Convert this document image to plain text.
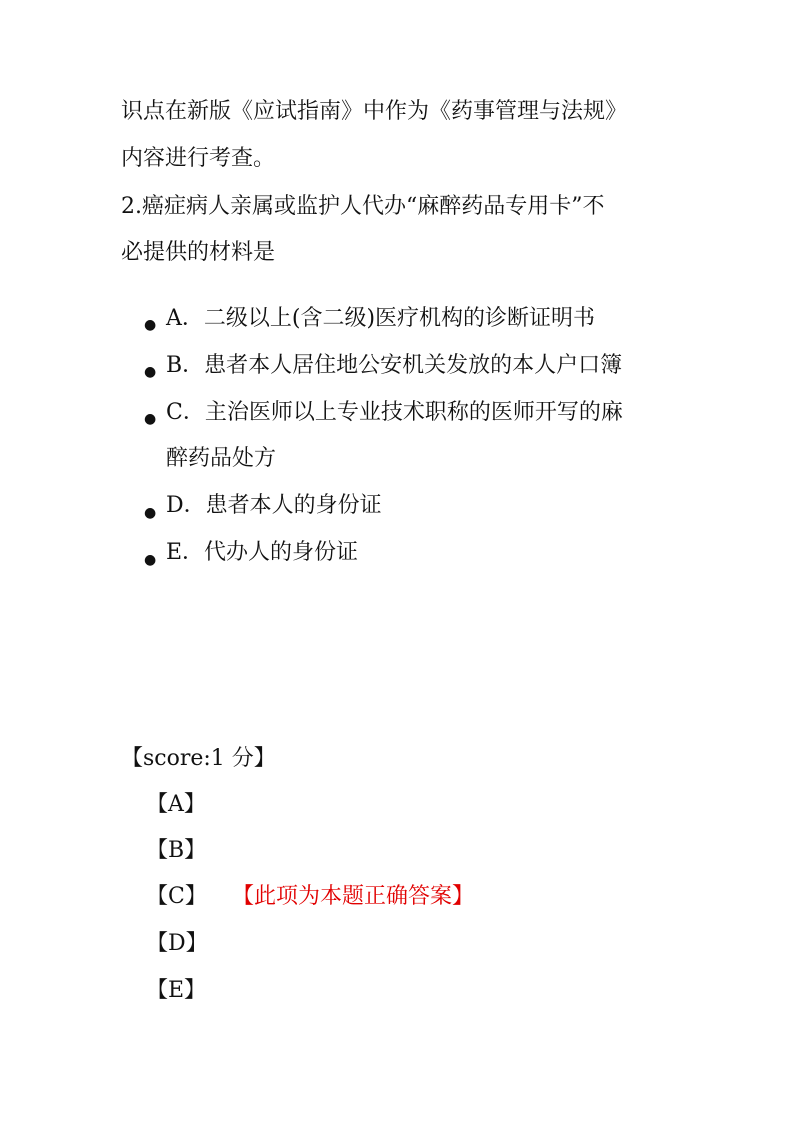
识点在新版《应试指南》中作为《药事管理与法规》
内容进行考查。
2.癌症病人亲属或监护人代办“麻醉药品专用卡”不
必提供的材料是
● A．二级以上(含二级)医疗机构的诊断证明书
● B．患者本人居住地公安机关发放的本人户口簿
● C．主治医师以上专业技术职称的医师开写的麻
醉药品处方
● D．患者本人的身份证
● E．代办人的身份证
【score:1 分】
【A】
【B】
【C】 【此项为本题正确答案】
【D】
【E】
